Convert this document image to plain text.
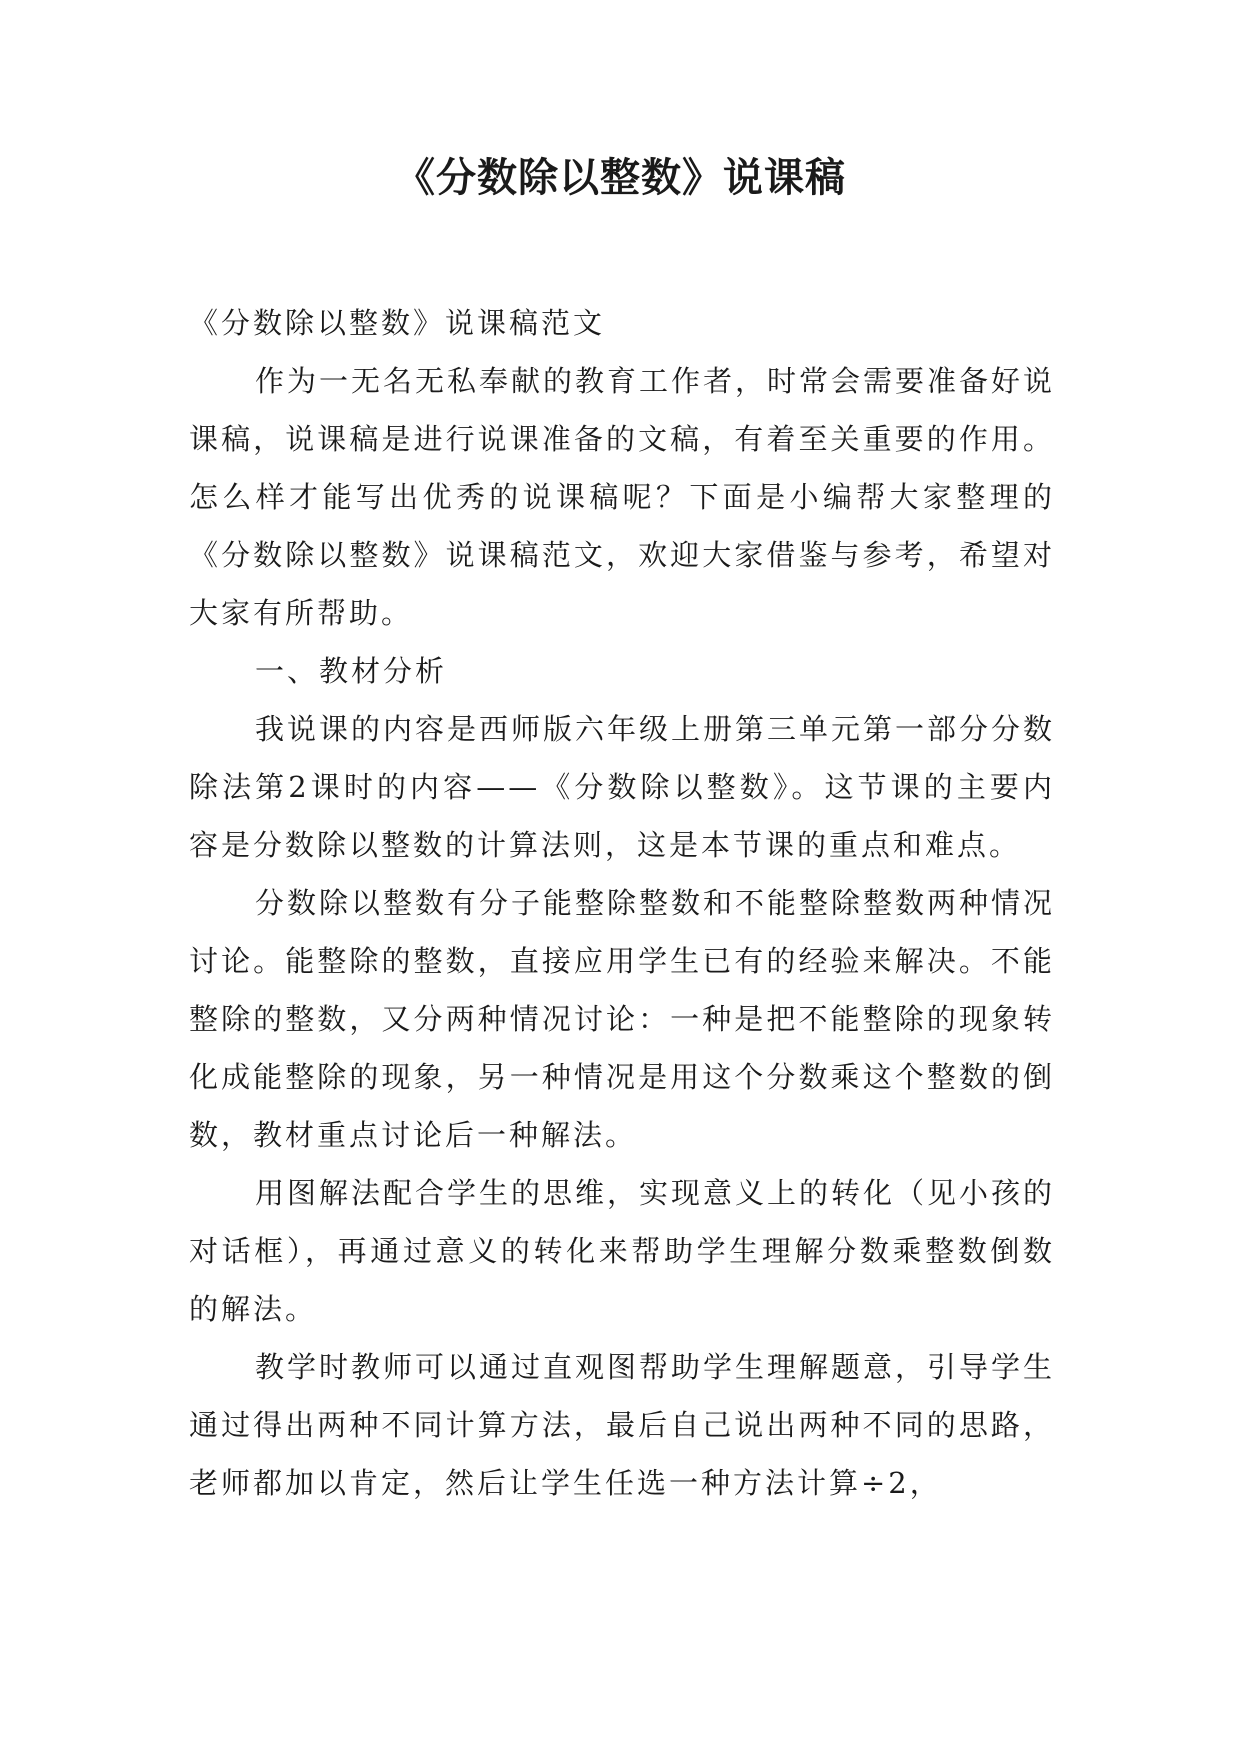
《分数除以整数》说课稿

《分数除以整数》说课稿范文

作为一无名无私奉献的教育工作者，时常会需要准备好说课稿，说课稿是进行说课准备的文稿，有着至关重要的作用。怎么样才能写出优秀的说课稿呢？下面是小编帮大家整理的《分数除以整数》说课稿范文，欢迎大家借鉴与参考，希望对大家有所帮助。

一、教材分析

我说课的内容是西师版六年级上册第三单元第一部分分数除法第2课时的内容——《分数除以整数》。这节课的主要内容是分数除以整数的计算法则，这是本节课的重点和难点。

分数除以整数有分子能整除整数和不能整除整数两种情况讨论。能整除的整数，直接应用学生已有的经验来解决。不能整除的整数，又分两种情况讨论：一种是把不能整除的现象转化成能整除的现象，另一种情况是用这个分数乘这个整数的倒数，教材重点讨论后一种解法。

用图解法配合学生的思维，实现意义上的转化（见小孩的对话框），再通过意义的转化来帮助学生理解分数乘整数倒数的解法。

教学时教师可以通过直观图帮助学生理解题意，引导学生通过得出两种不同计算方法，最后自己说出两种不同的思路，老师都加以肯定，然后让学生任选一种方法计算÷2，
